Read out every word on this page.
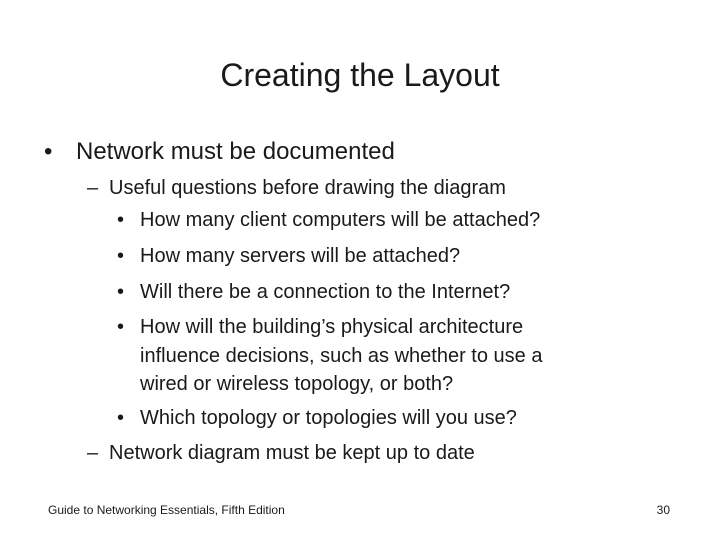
Creating the Layout
• Network must be documented
– Useful questions before drawing the diagram
• How many client computers will be attached?
• How many servers will be attached?
• Will there be a connection to the Internet?
• How will the building’s physical architecture
influence decisions, such as whether to use a
wired or wireless topology, or both?
• Which topology or topologies will you use?
– Network diagram must be kept up to date
Guide to Networking Essentials, Fifth Edition	30
